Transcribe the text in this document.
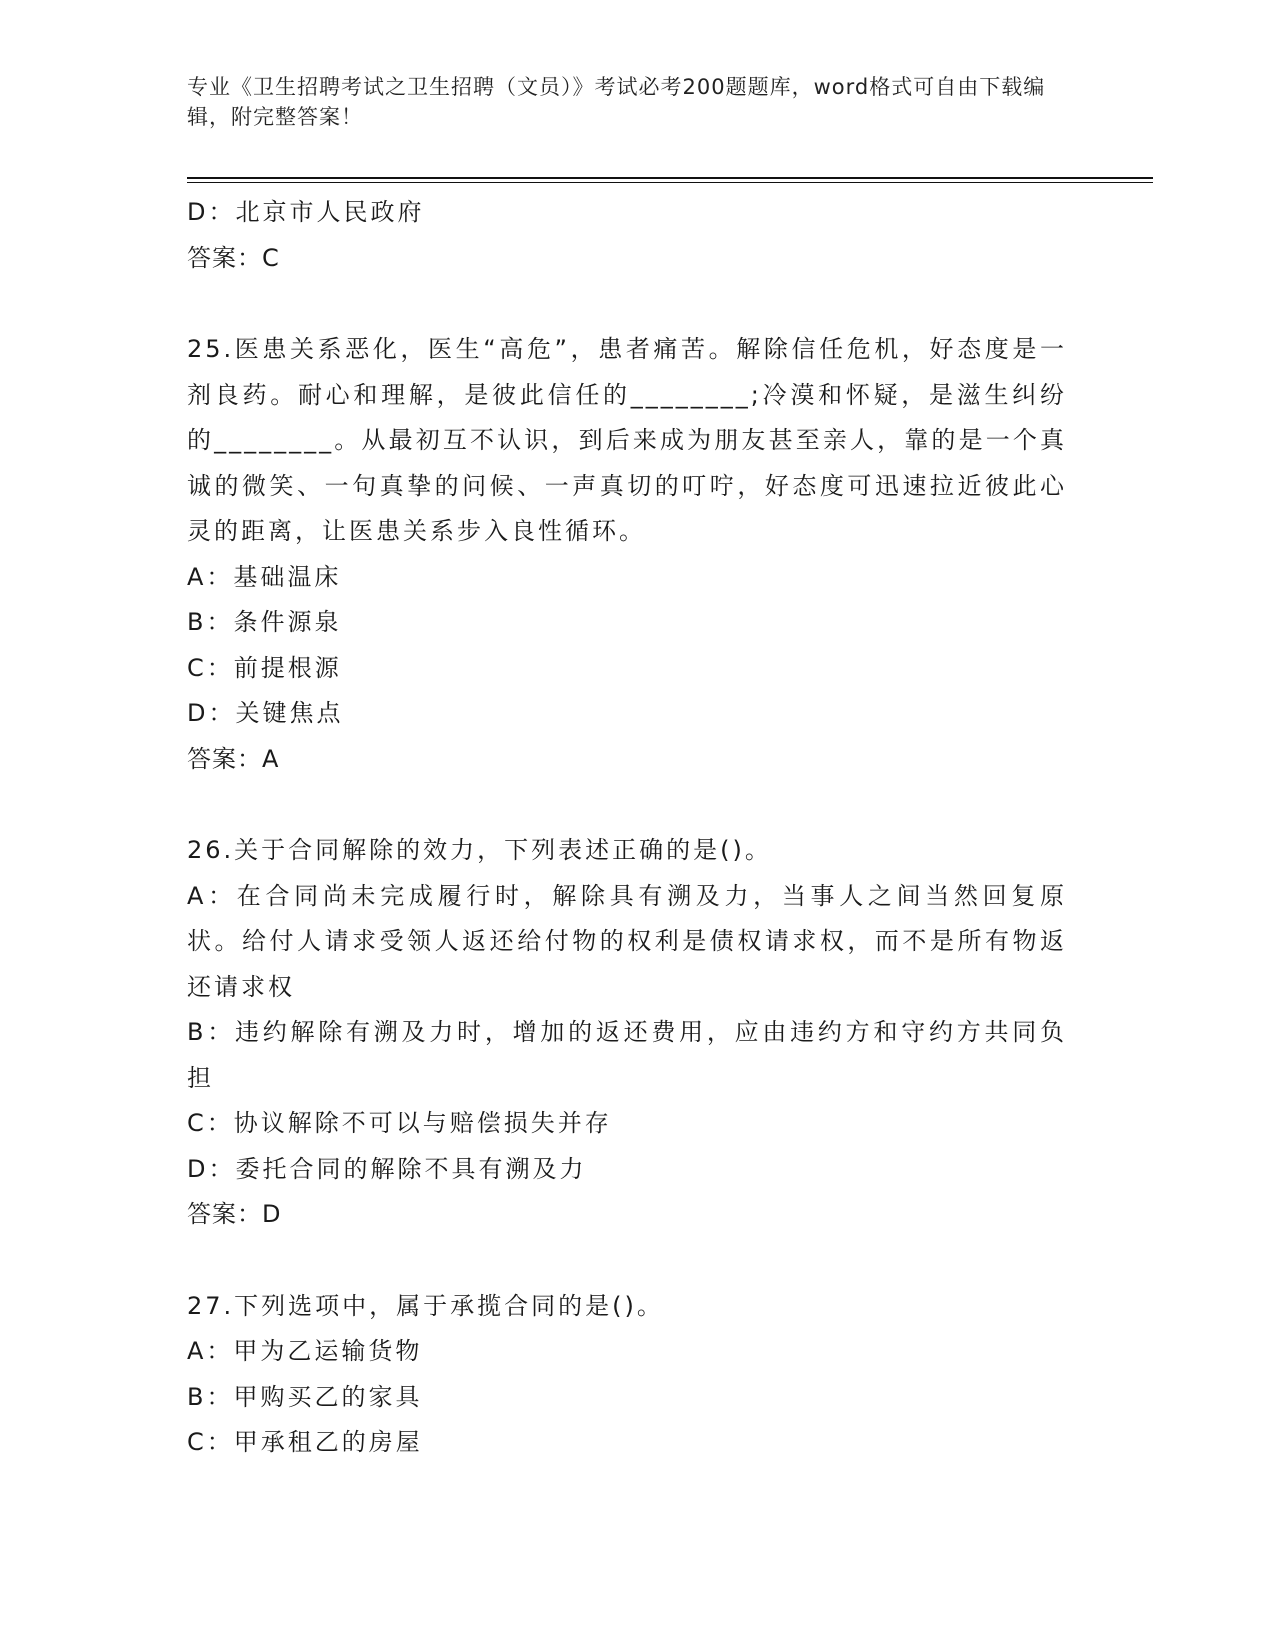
专业《卫生招聘考试之卫生招聘（文员）》考试必考200题题库，word格式可自由下载编辑，附完整答案！

D：北京市人民政府

答案：C

25.医患关系恶化，医生“高危”，患者痛苦。解除信任危机，好态度是一剂良药。耐心和理解，是彼此信任的________;冷漠和怀疑，是滋生纠纷的________。从最初互不认识，到后来成为朋友甚至亲人，靠的是一个真诚的微笑、一句真挚的问候、一声真切的叮咛，好态度可迅速拉近彼此心灵的距离，让医患关系步入良性循环。

A：基础温床

B：条件源泉

C：前提根源

D：关键焦点

答案：A

26.关于合同解除的效力，下列表述正确的是()。

A：在合同尚未完成履行时，解除具有溯及力，当事人之间当然回复原状。给付人请求受领人返还给付物的权利是债权请求权，而不是所有物返还请求权

B：违约解除有溯及力时，增加的返还费用，应由违约方和守约方共同负担

C：协议解除不可以与赔偿损失并存

D：委托合同的解除不具有溯及力

答案：D

27.下列选项中，属于承揽合同的是()。

A：甲为乙运输货物

B：甲购买乙的家具

C：甲承租乙的房屋
